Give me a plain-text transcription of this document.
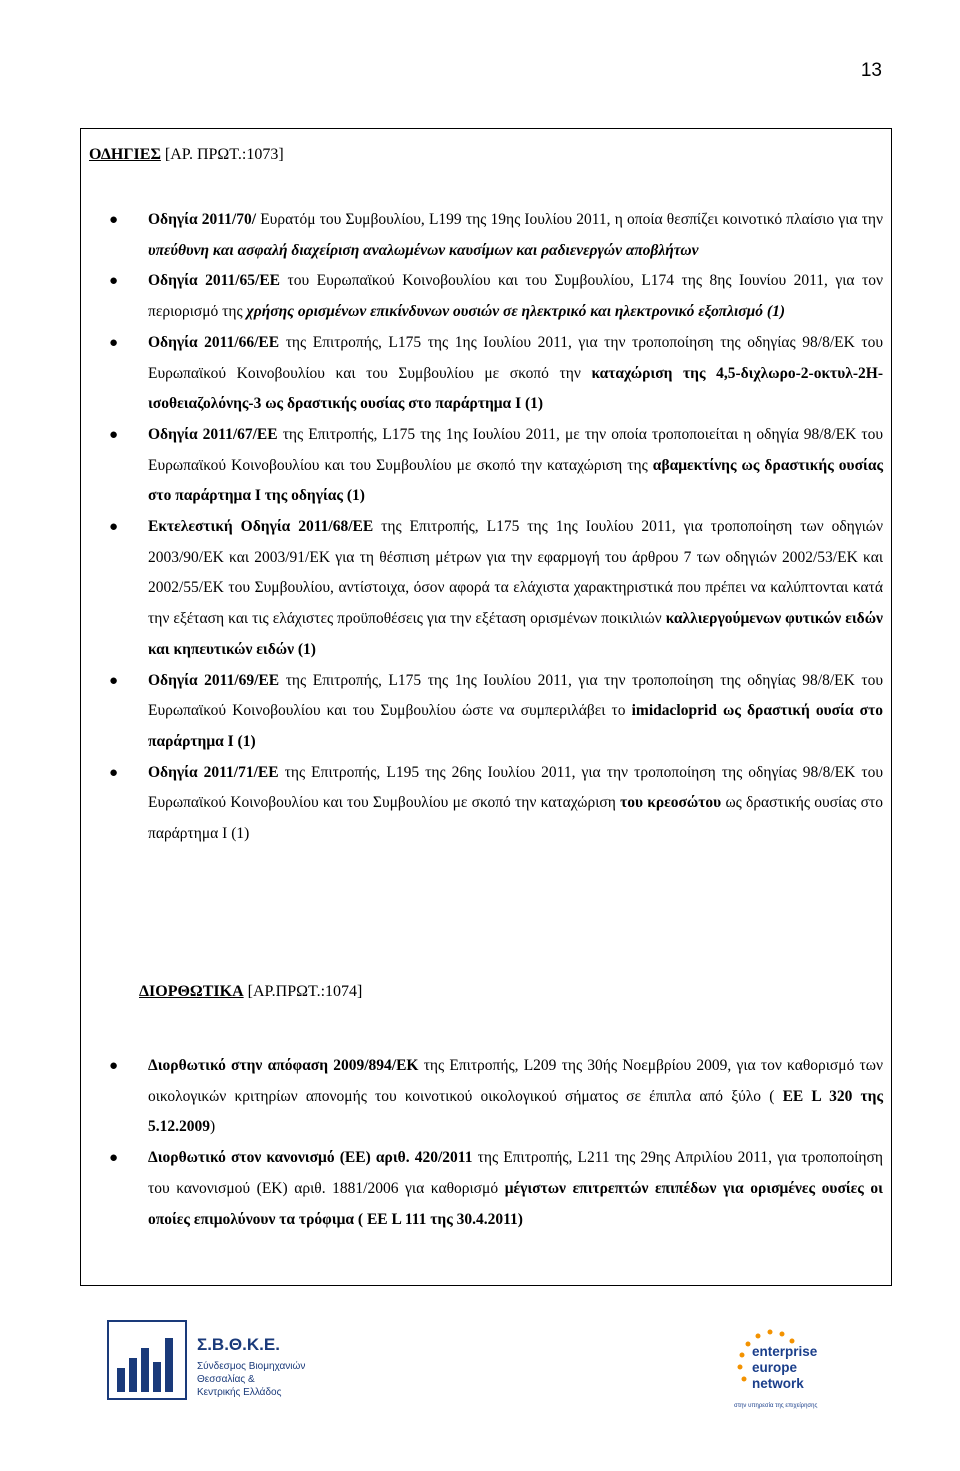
13
ΟΔΗΓΙΕΣ [ΑΡ. ΠΡΩΤ.:1073]
● Οδηγία 2011/70/ Ευρατόμ του Συμβουλίου, L199 της 19ης Ιουλίου 2011, η οποία θεσπίζει κοινοτικό πλαίσιο για την υπεύθυνη και ασφαλή διαχείριση αναλωμένων καυσίμων και ραδιενεργών αποβλήτων
● Οδηγία 2011/65/ΕΕ του Ευρωπαϊκού Κοινοβουλίου και του Συμβουλίου, L174 της 8ης Ιουνίου 2011, για τον περιορισμό της χρήσης ορισμένων επικίνδυνων ουσιών σε ηλεκτρικό και ηλεκτρονικό εξοπλισμό (1)
● Οδηγία 2011/66/ΕΕ της Επιτροπής, L175 της 1ης Ιουλίου 2011, για την τροποποίηση της οδηγίας 98/8/ΕΚ του Ευρωπαϊκού Κοινοβουλίου και του Συμβουλίου με σκοπό την καταχώριση της 4,5-διχλωρο-2-οκτυλ-2Η-ισοθειαζολόνης-3 ως δραστικής ουσίας στο παράρτημα Ι (1)
● Οδηγία 2011/67/ΕΕ της Επιτροπής, L175 της 1ης Ιουλίου 2011, με την οποία τροποποιείται η οδηγία 98/8/ΕΚ του Ευρωπαϊκού Κοινοβουλίου και του Συμβουλίου με σκοπό την καταχώριση της αβαμεκτίνης ως δραστικής ουσίας στο παράρτημα Ι της οδηγίας (1)
● Εκτελεστική Οδηγία 2011/68/ΕΕ της Επιτροπής, L175 της 1ης Ιουλίου 2011, για τροποποίηση των οδηγιών 2003/90/ΕΚ και 2003/91/ΕΚ για τη θέσπιση μέτρων για την εφαρμογή του άρθρου 7 των οδηγιών 2002/53/ΕΚ και 2002/55/ΕΚ του Συμβουλίου, αντίστοιχα, όσον αφορά τα ελάχιστα χαρακτηριστικά που πρέπει να καλύπτονται κατά την εξέταση και τις ελάχιστες προϋποθέσεις για την εξέταση ορισμένων ποικιλιών καλλιεργούμενων φυτικών ειδών και κηπευτικών ειδών (1)
● Οδηγία 2011/69/ΕΕ της Επιτροπής, L175 της 1ης Ιουλίου 2011, για την τροποποίηση της οδηγίας 98/8/ΕΚ του Ευρωπαϊκού Κοινοβουλίου και του Συμβουλίου ώστε να συμπεριλάβει το imidacloprid ως δραστική ουσία στο παράρτημα Ι (1)
● Οδηγία 2011/71/ΕΕ της Επιτροπής, L195 της 26ης Ιουλίου 2011, για την τροποποίηση της οδηγίας 98/8/ΕΚ του Ευρωπαϊκού Κοινοβουλίου και του Συμβουλίου με σκοπό την καταχώριση του κρεοσώτου ως δραστικής ουσίας στο παράρτημα Ι (1)
ΔΙΟΡΘΩΤΙΚΑ [ΑΡ.ΠΡΩΤ.:1074]
● Διορθωτικό στην απόφαση 2009/894/ΕΚ της Επιτροπής, L209 της 30ής Νοεμβρίου 2009, για τον καθορισμό των οικολογικών κριτηρίων απονομής του κοινοτικού οικολογικού σήματος σε έπιπλα από ξύλο ( ΕΕ L 320 της 5.12.2009)
● Διορθωτικό στον κανονισμό (ΕΕ) αριθ. 420/2011 της Επιτροπής, L211 της 29ης Απριλίου 2011, για τροποποίηση του κανονισμού (ΕΚ) αριθ. 1881/2006 για καθορισμό μέγιστων επιτρεπτών επιπέδων για ορισμένες ουσίες οι οποίες επιμολύνουν τα τρόφιμα ( ΕΕ L 111 της 30.4.2011)
Σ.Β.Θ.Κ.Ε.
Σύνδεσμος Βιομηχανιών
Θεσσαλίας &
Κεντρικής Ελλάδος
enterprise
europe
network
στην υπηρεσία της επιχείρησης
